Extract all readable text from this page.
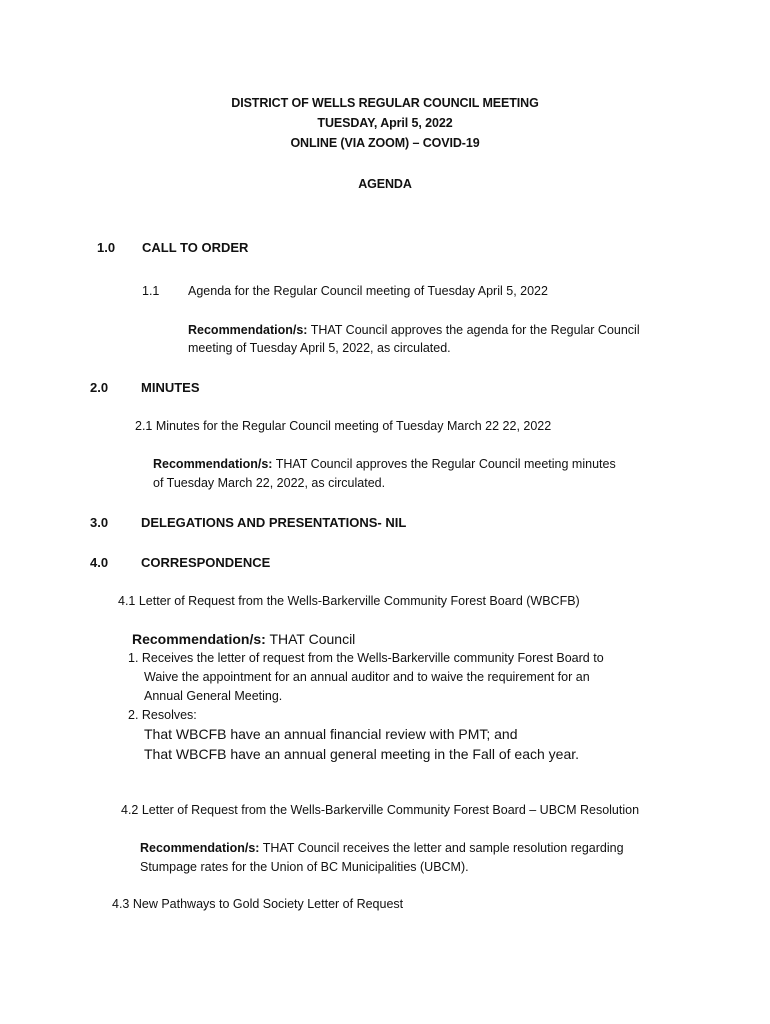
DISTRICT OF WELLS REGULAR COUNCIL MEETING
TUESDAY, April 5, 2022
ONLINE (VIA ZOOM) – COVID-19
AGENDA
1.0 CALL TO ORDER
1.1 Agenda for the Regular Council meeting of Tuesday April 5, 2022
Recommendation/s: THAT Council approves the agenda for the Regular Council
meeting of Tuesday April 5, 2022, as circulated.
2.0	MINUTES
2.1 Minutes for the Regular Council meeting of Tuesday March 22 22, 2022
Recommendation/s: THAT Council approves the Regular Council meeting minutes
of Tuesday March 22, 2022, as circulated.
3.0	DELEGATIONS AND PRESENTATIONS- NIL
4.0	CORRESPONDENCE
4.1 Letter of Request from the Wells-Barkerville Community Forest Board (WBCFB)
Recommendation/s: THAT Council
1. Receives the letter of request from the Wells-Barkerville community Forest Board to
Waive the appointment for an annual auditor and to waive the requirement for an
Annual General Meeting.
2. Resolves:
That WBCFB have an annual financial review with PMT; and
That WBCFB have an annual general meeting in the Fall of each year.
4.2 Letter of Request from the Wells-Barkerville Community Forest Board – UBCM Resolution
Recommendation/s: THAT Council receives the letter and sample resolution regarding
Stumpage rates for the Union of BC Municipalities (UBCM).
4.3 New Pathways to Gold Society Letter of Request
